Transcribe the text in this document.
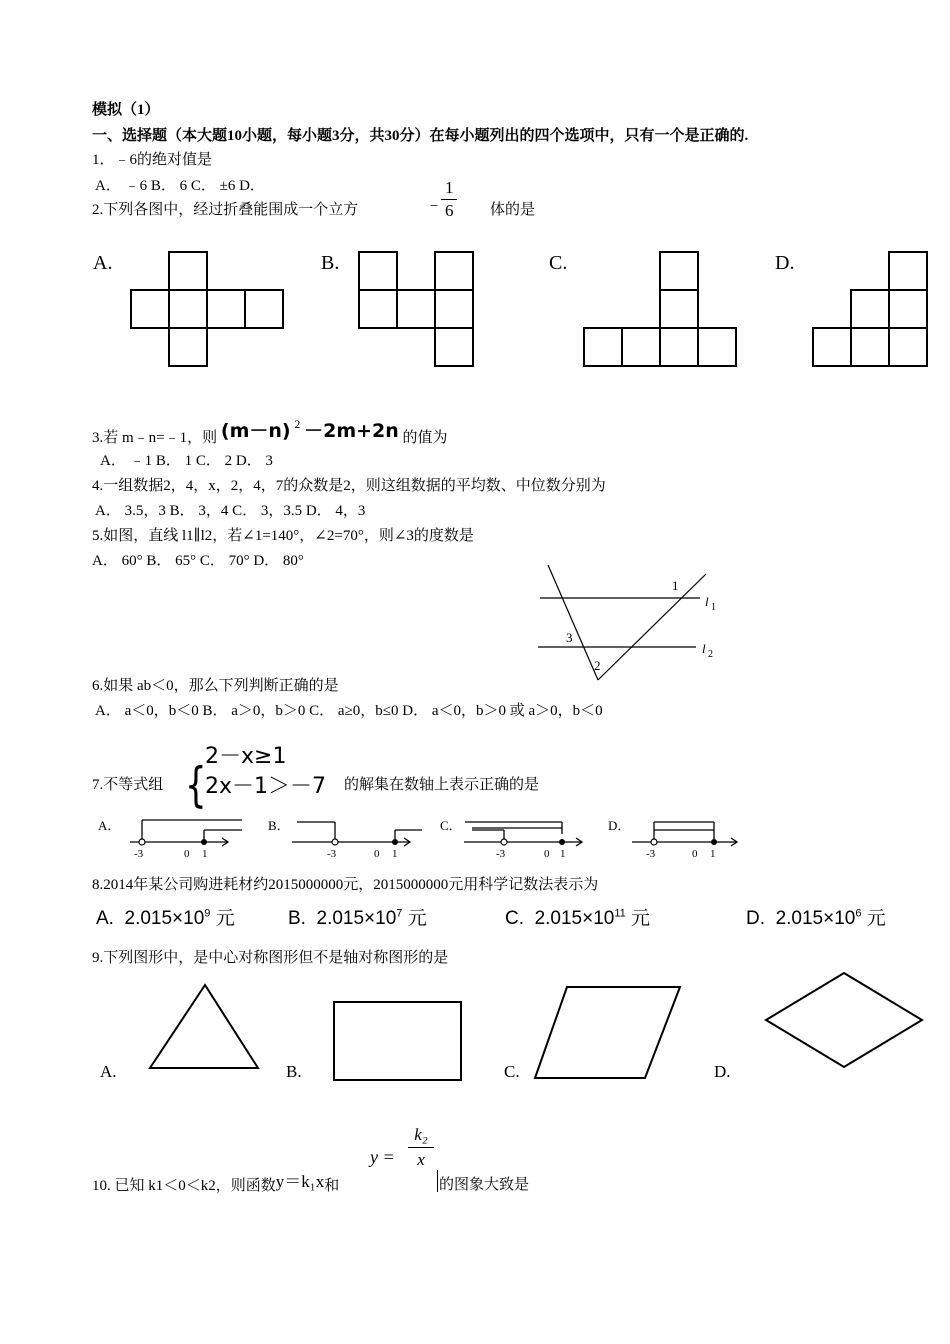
模拟（1）
一、选择题（本大题10小题，每小题3分，共30分）在每小题列出的四个选项中，只有一个是正确的.
1．﹣6的绝对值是
A． ﹣6 B． 6 C． ±6 D．
﹣
1
6
2.下列各图中，经过折叠能围成一个立方	体的是
A.	B.	C.	D.
3.若 m﹣n=﹣1，则 (m－n) $^2$ －2m+2n 的值为
A． ﹣1 B． 1 C． 2 D． 3
4.一组数据2，4，x，2，4，7的众数是2，则这组数据的平均数、中位数分别为
A． 3.5，3 B． 3，4 C． 3，3.5 D． 4，3
5.如图，直线 l1∥l2，若∠1=140°，∠2=70°，则∠3的度数是
A． 60° B． 65° C． 70° D． 80°
1
2
3
l 1
l 2
6.如果 ab＜0，那么下列判断正确的是
A． a＜0，b＜0 B． a＞0，b＞0 C． a≥0，b≤0 D． a＜0，b＞0 或 a＞0，b＜0
7.不等式组 {
2－x≥1
2x－1＞－7 的解集在数轴上表示正确的是
A．	B．	C．	D．
-3	0 1	-3	0 1	-3	0 1	-3	0 1
8.2014年某公司购进耗材约2015000000元，2015000000元用科学记数法表示为
A. $2.015\times 10^9$ 元	B. $2.015\times 10^7$ 元	C. $2.015\times 10^{11}$ 元	D. $2.015\times 10^6$ 元
9.下列图形中，是中心对称图形但不是轴对称图形的是
A.	B.	C.	D.
10. 已知 k1＜0＜k2，则函数y＝k₁x和
y =
k₂
x
的图象大致是
